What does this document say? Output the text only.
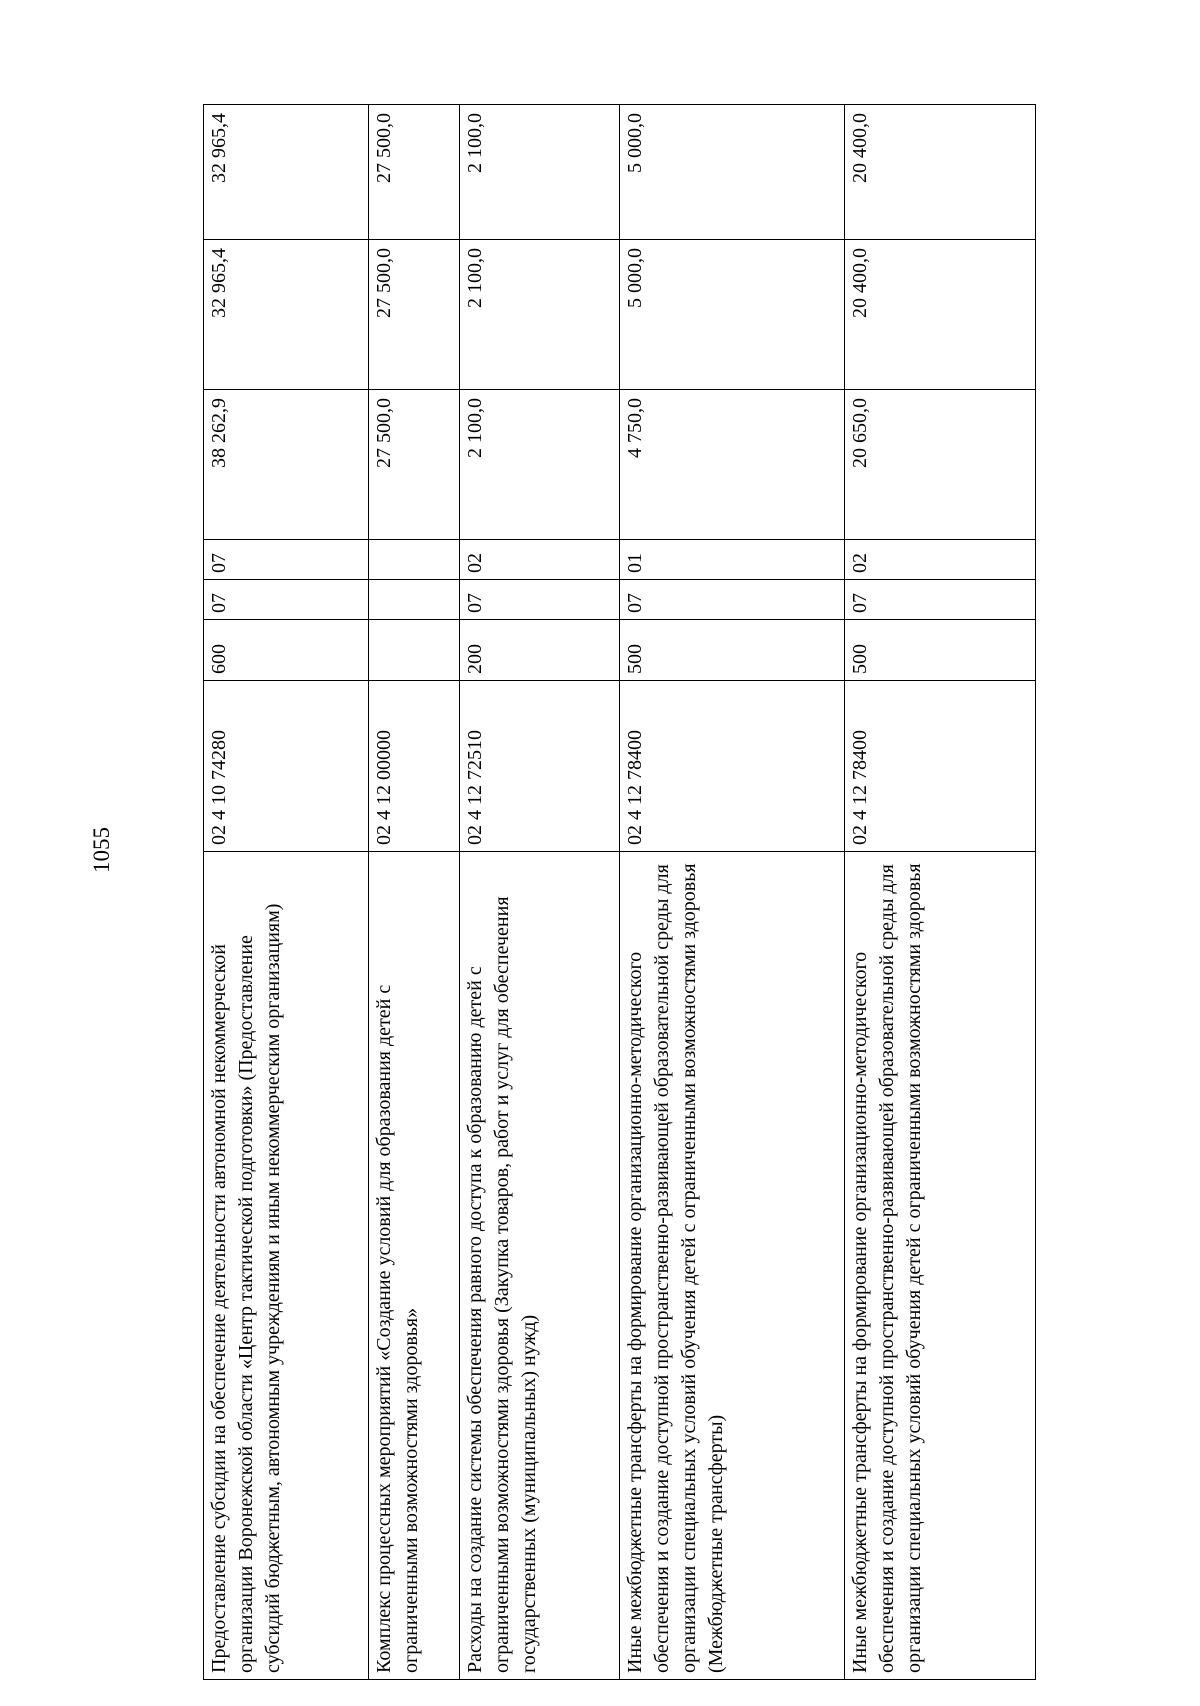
1055
Предоставление субсидии на обеспечение деятельности автономной некоммерческой организации Воронежской области «Центр тактической подготовки» (Предоставление субсидий бюджетным, автономным учреждениям и иным некоммерческим организациям)	02 4 10 74280	600	07	07	38 262,9	32 965,4	32 965,4
Комплекс процессных мероприятий «Создание условий для образования детей с ограниченными возможностями здоровья»	02 4 12 00000				27 500,0	27 500,0	27 500,0
Расходы на создание системы обеспечения равного доступа к образованию детей с ограниченными возможностями здоровья (Закупка товаров, работ и услуг для обеспечения государственных (муниципальных) нужд)	02 4 12 72510	200	07	02	2 100,0	2 100,0	2 100,0
Иные межбюджетные трансферты на формирование организационно-методического обеспечения и создание доступной пространственно-развивающей образовательной среды для организации специальных условий обучения детей с ограниченными возможностями здоровья (Межбюджетные трансферты)	02 4 12 78400	500	07	01	4 750,0	5 000,0	5 000,0
Иные межбюджетные трансферты на формирование организационно-методического обеспечения и создание доступной пространственно-развивающей образовательной среды для организации специальных условий обучения детей с ограниченными возможностями здоровья	02 4 12 78400	500	07	02	20 650,0	20 400,0	20 400,0
